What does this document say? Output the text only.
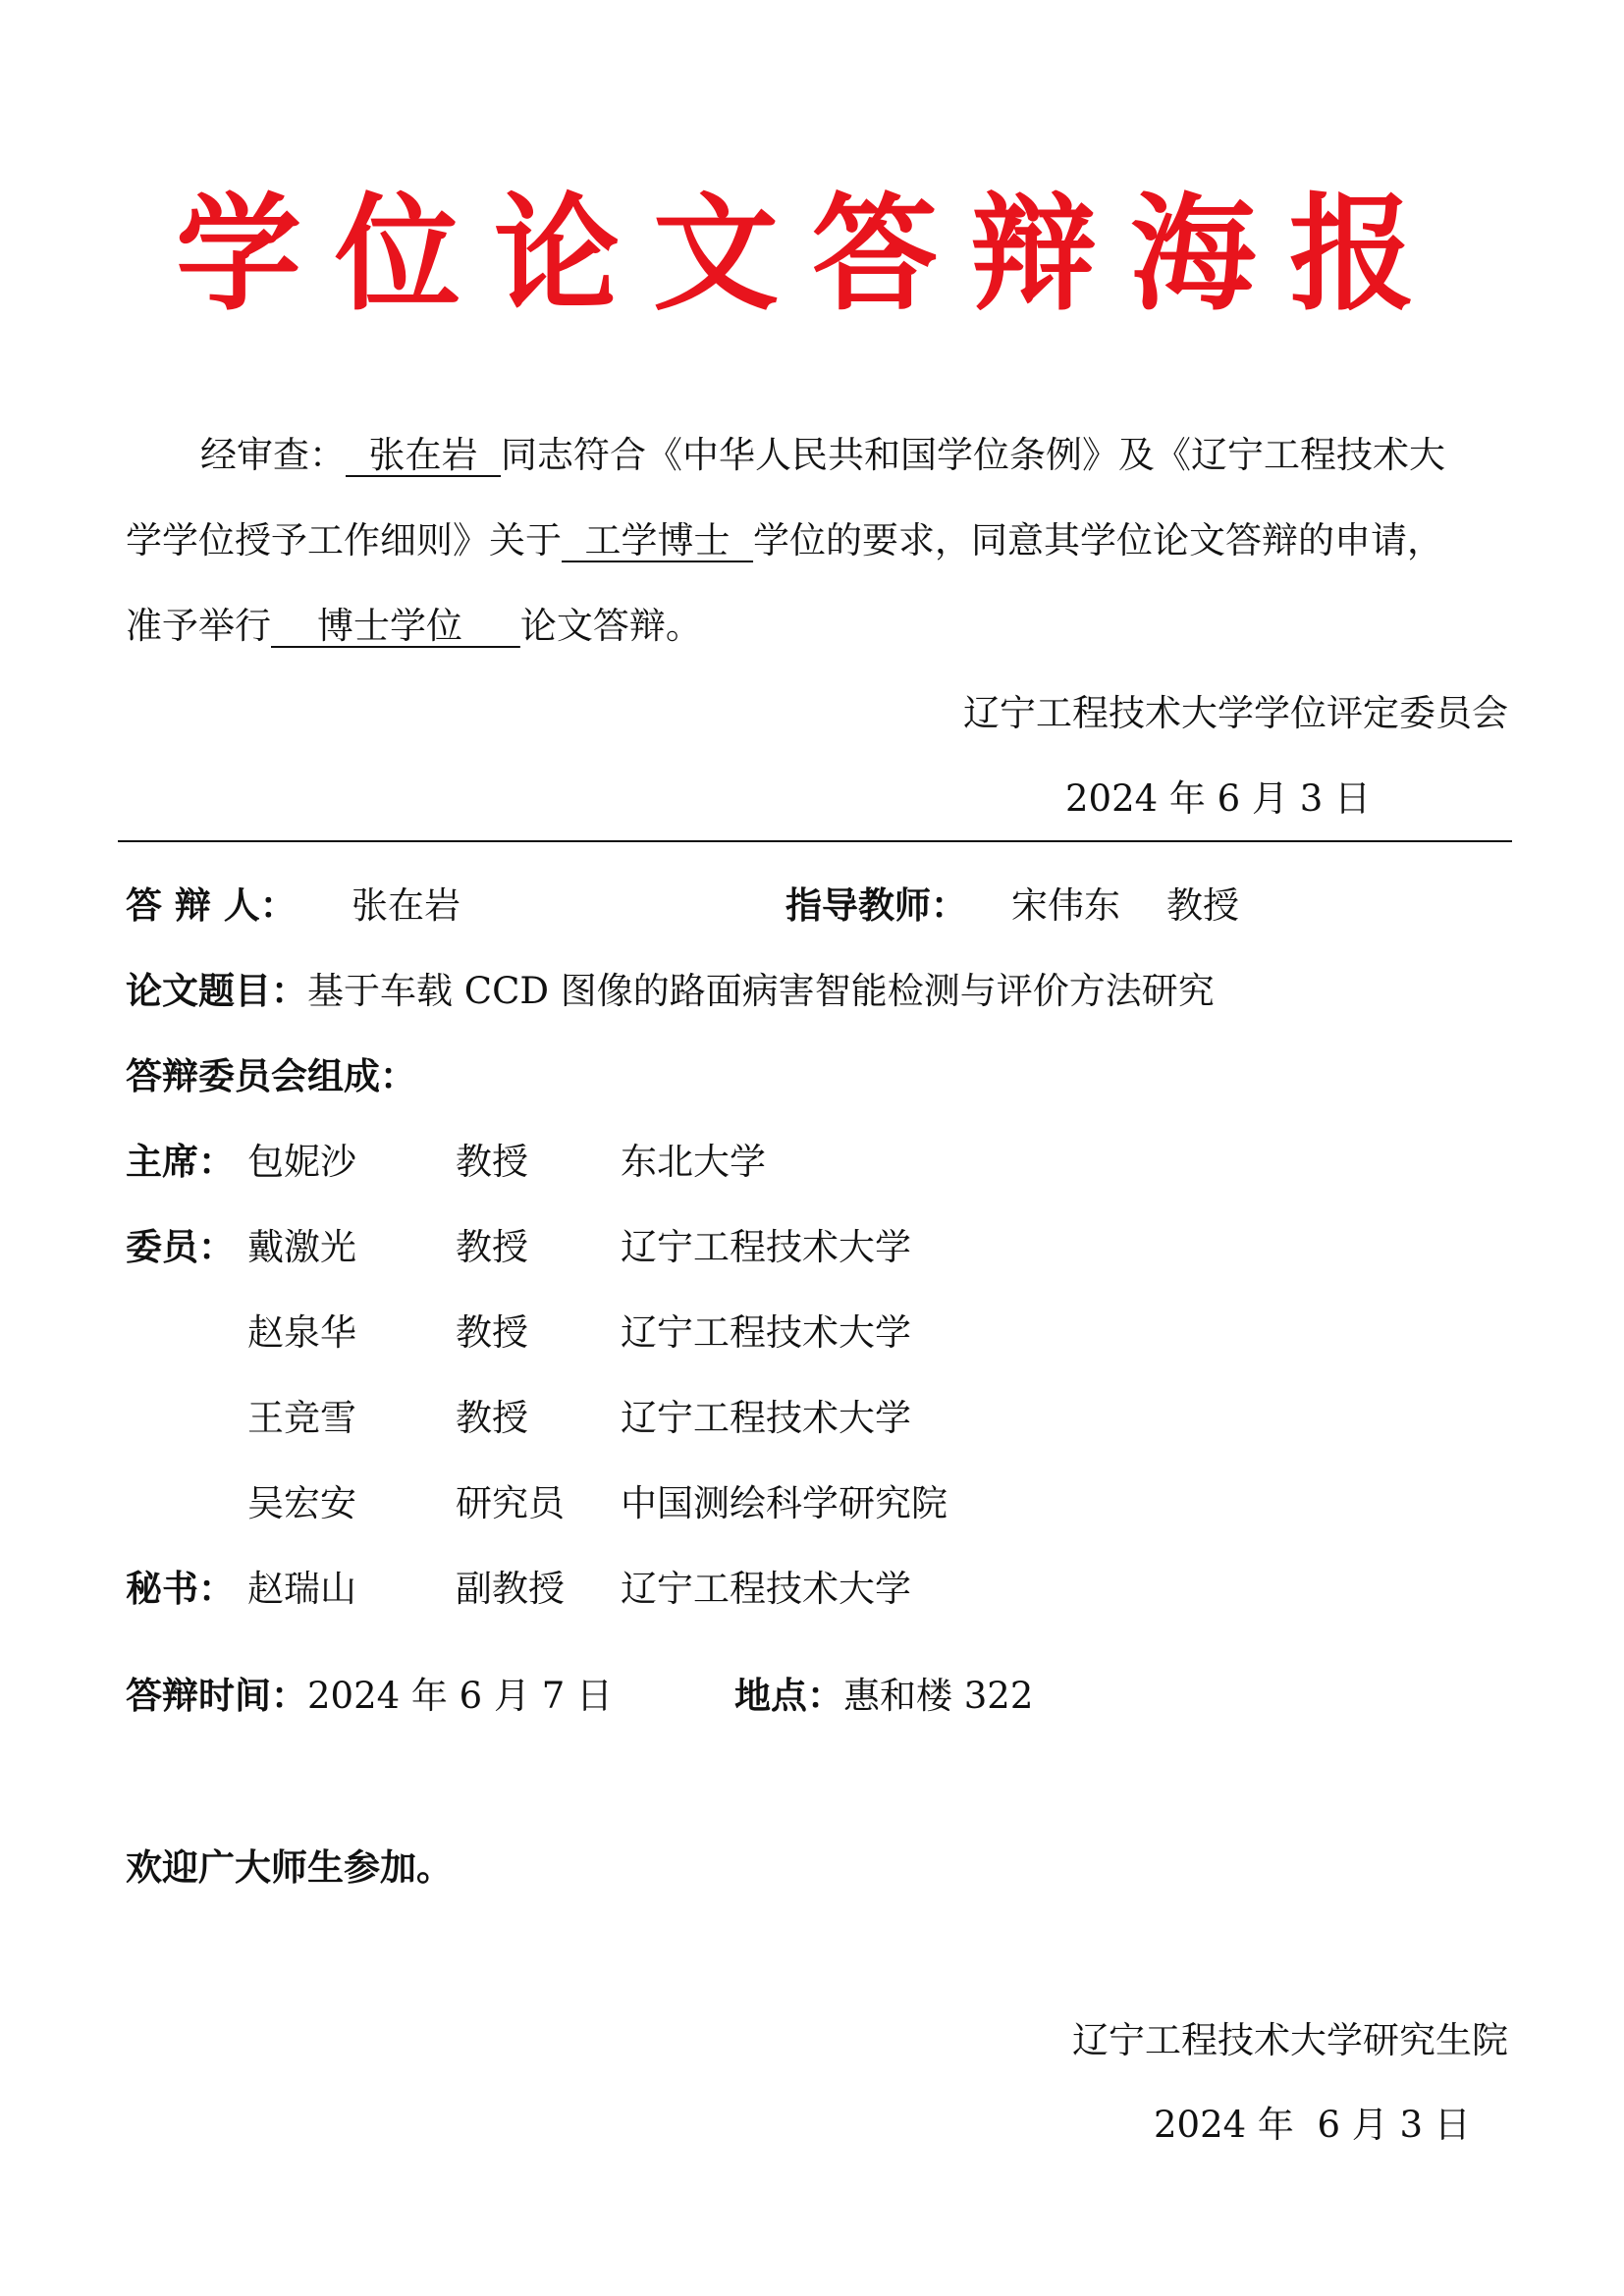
学位论文答辩海报
经审查：  张在岩  同志符合《中华人民共和国学位条例》及《辽宁工程技术大
学学位授予工作细则》关于  工学博士  学位的要求，同意其学位论文答辩的申请，
准予举行    博士学位     论文答辩。
辽宁工程技术大学学位评定委员会
2024 年 6 月 3 日
答 辩 人： 张在岩	指导教师： 宋伟东    教授
论文题目：基于车载 CCD 图像的路面病害智能检测与评价方法研究
答辩委员会组成：
主席： 包妮沙	教授	东北大学
委员： 戴激光	教授	辽宁工程技术大学
赵泉华	教授	辽宁工程技术大学
王竞雪	教授	辽宁工程技术大学
吴宏安	研究员 中国测绘科学研究院
秘书： 赵瑞山	副教授 辽宁工程技术大学
答辩时间：2024 年 6 月 7 日	地点：惠和楼 322
欢迎广大师生参加。
辽宁工程技术大学研究生院
2024 年  6 月 3 日
